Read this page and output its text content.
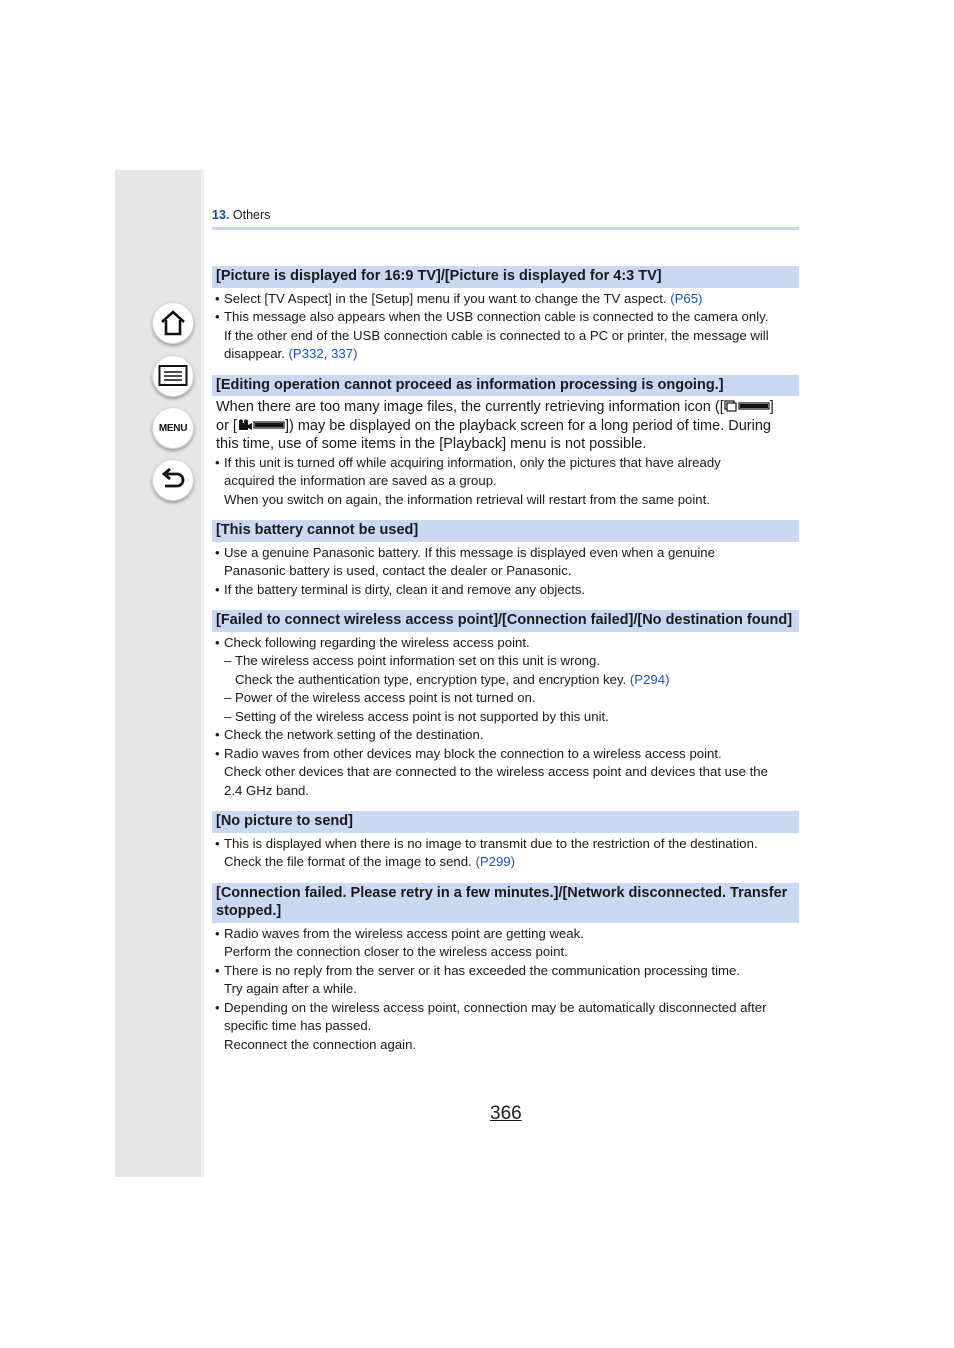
MENU
13. Others
[Picture is displayed for 16:9 TV]/[Picture is displayed for 4:3 TV]
• Select [TV Aspect] in the [Setup] menu if you want to change the TV aspect. (P65)
• This message also appears when the USB connection cable is connected to the camera only.
If the other end of the USB connection cable is connected to a PC or printer, the message will
disappear. (P332, 337)
[Editing operation cannot proceed as information processing is ongoing.]
When there are too many image files, the currently retrieving information icon ([	]
or [	]) may be displayed on the playback screen for a long period of time. During
this time, use of some items in the [Playback] menu is not possible.
• If this unit is turned off while acquiring information, only the pictures that have already
acquired the information are saved as a group.
When you switch on again, the information retrieval will restart from the same point.
[This battery cannot be used]
• Use a genuine Panasonic battery. If this message is displayed even when a genuine
Panasonic battery is used, contact the dealer or Panasonic.
• If the battery terminal is dirty, clean it and remove any objects.
[Failed to connect wireless access point]/[Connection failed]/[No destination found]
• Check following regarding the wireless access point.
– The wireless access point information set on this unit is wrong.
Check the authentication type, encryption type, and encryption key. (P294)
– Power of the wireless access point is not turned on.
– Setting of the wireless access point is not supported by this unit.
• Check the network setting of the destination.
• Radio waves from other devices may block the connection to a wireless access point.
Check other devices that are connected to the wireless access point and devices that use the
2.4 GHz band.
[No picture to send]
• This is displayed when there is no image to transmit due to the restriction of the destination.
Check the file format of the image to send. (P299)
[Connection failed. Please retry in a few minutes.]/[Network disconnected. Transfer stopped.]
• Radio waves from the wireless access point are getting weak.
Perform the connection closer to the wireless access point.
• There is no reply from the server or it has exceeded the communication processing time.
Try again after a while.
• Depending on the wireless access point, connection may be automatically disconnected after
specific time has passed.
Reconnect the connection again.
366
